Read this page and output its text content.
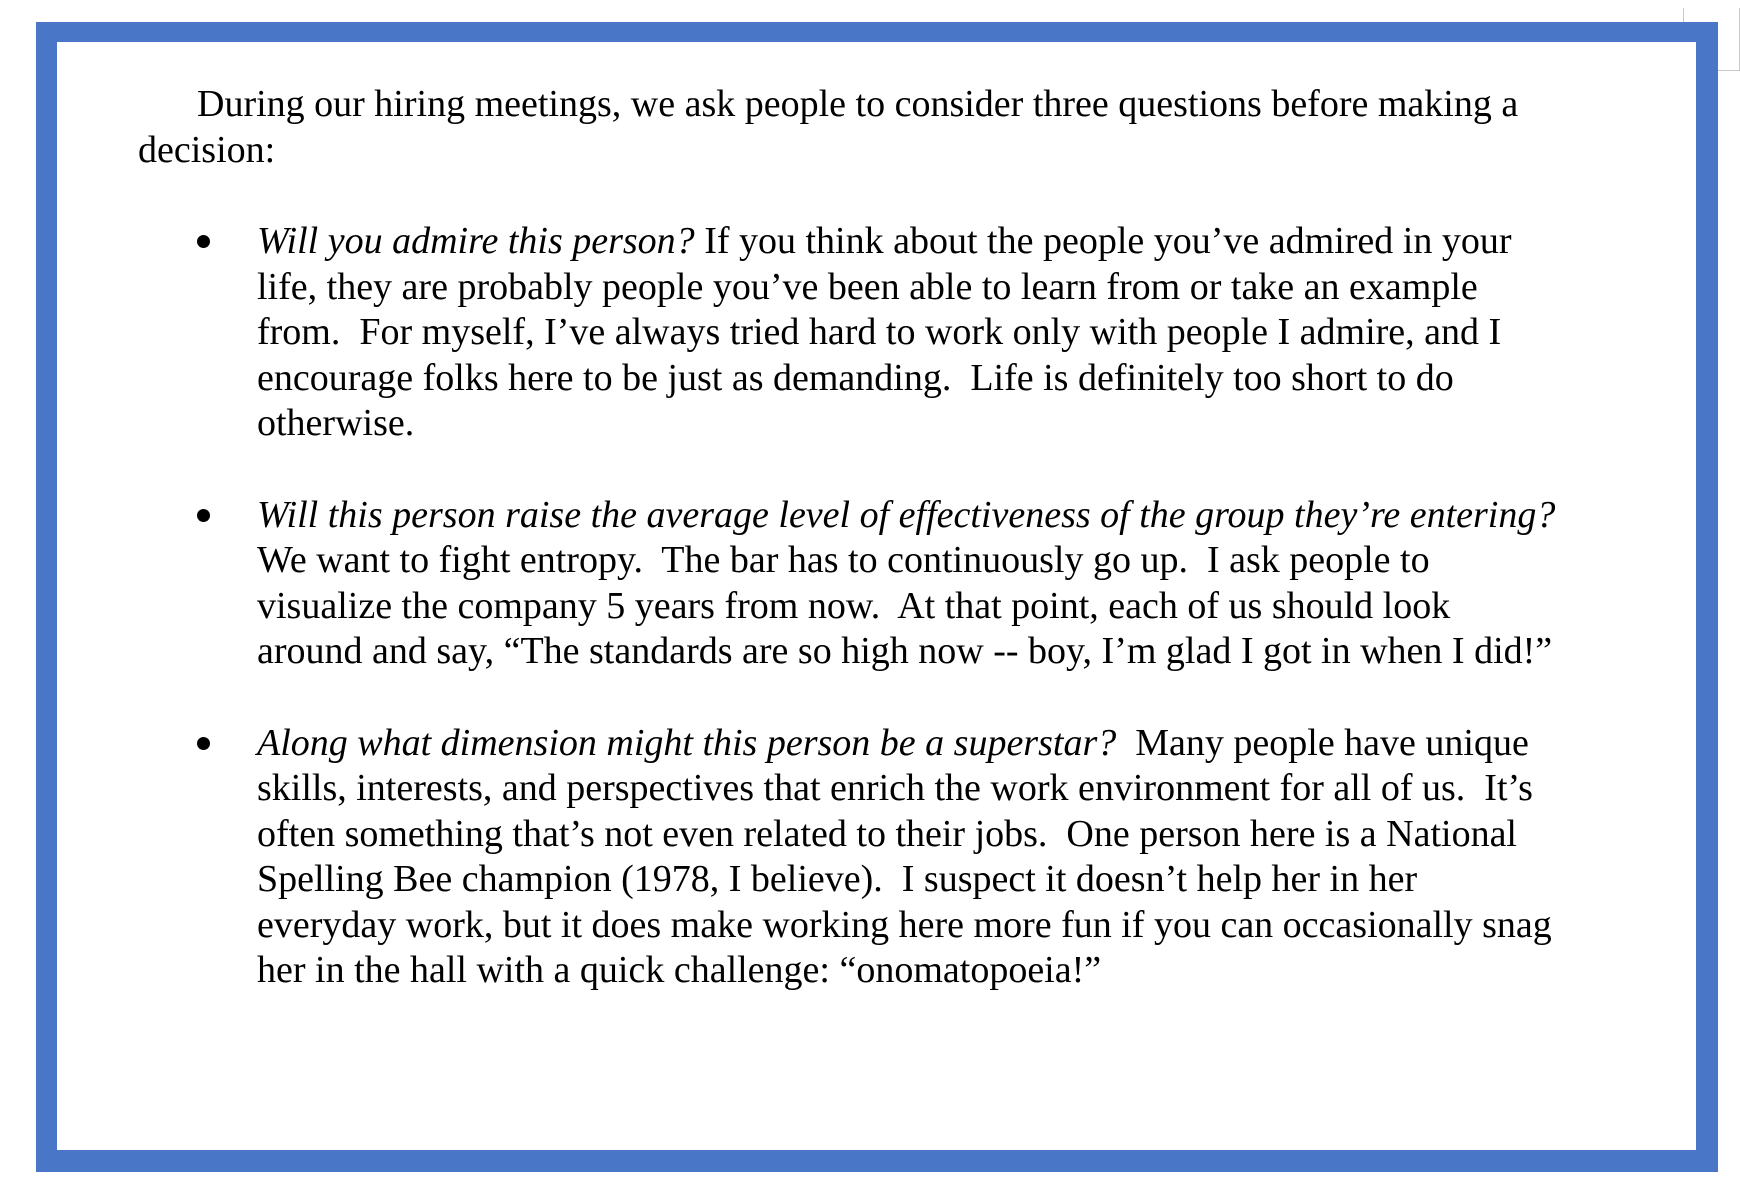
During our hiring meetings, we ask people to consider three questions before making a decision:

Will you admire this person? If you think about the people you’ve admired in your life, they are probably people you’ve been able to learn from or take an example from.  For myself, I’ve always tried hard to work only with people I admire, and I encourage folks here to be just as demanding.  Life is definitely too short to do otherwise.
Will this person raise the average level of effectiveness of the group they’re entering? We want to fight entropy.  The bar has to continuously go up.  I ask people to visualize the company 5 years from now.  At that point, each of us should look around and say, “The standards are so high now -- boy, I’m glad I got in when I did!”
Along what dimension might this person be a superstar?  Many people have unique skills, interests, and perspectives that enrich the work environment for all of us.  It’s often something that’s not even related to their jobs.  One person here is a National Spelling Bee champion (1978, I believe).  I suspect it doesn’t help her in her everyday work, but it does make working here more fun if you can occasionally snag her in the hall with a quick challenge: “onomatopoeia!”
